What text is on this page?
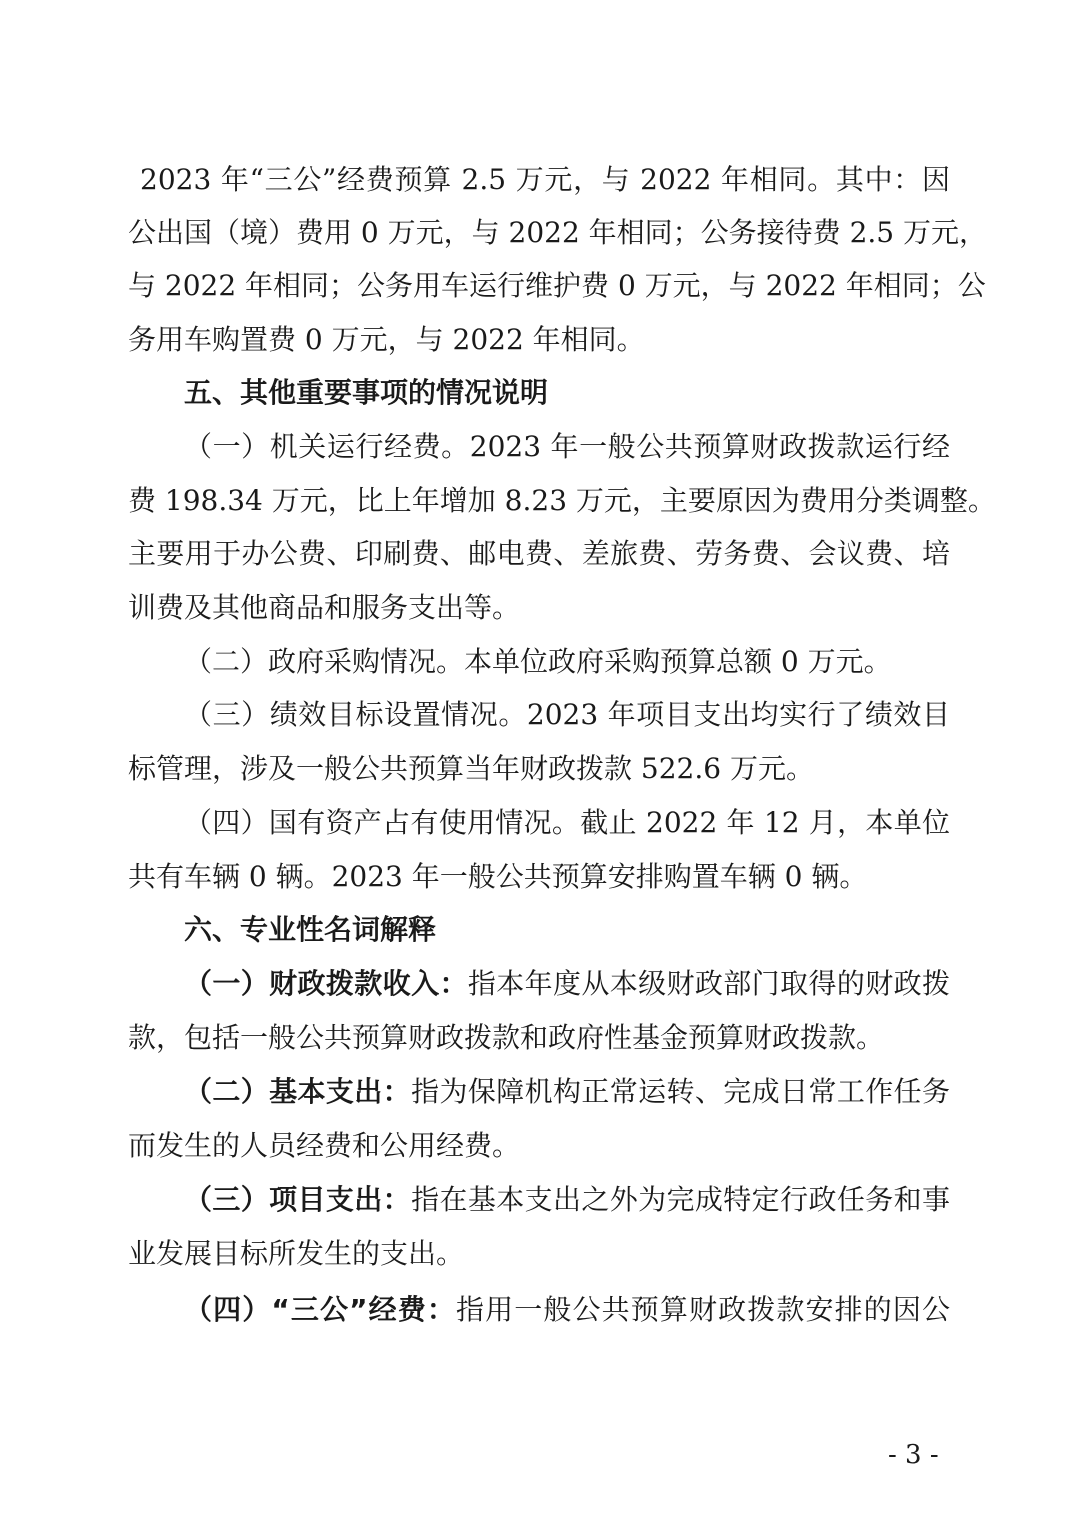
2023 年“三公”经费预算 2.5 万元，与 2022 年相同。其中：因
公出国（境）费用 0 万元，与 2022 年相同；公务接待费 2.5 万元，
与 2022 年相同；公务用车运行维护费 0 万元，与 2022 年相同；公
务用车购置费 0 万元，与 2022 年相同。
五、其他重要事项的情况说明
（一）机关运行经费。2023 年一般公共预算财政拨款运行经
费 198.34 万元，比上年增加 8.23 万元，主要原因为费用分类调整。
主要用于办公费、印刷费、邮电费、差旅费、劳务费、会议费、培
训费及其他商品和服务支出等。
（二）政府采购情况。本单位政府采购预算总额 0 万元。
（三）绩效目标设置情况。2023 年项目支出均实行了绩效目
标管理，涉及一般公共预算当年财政拨款 522.6 万元。
（四）国有资产占有使用情况。截止 2022 年 12 月，本单位
共有车辆 0 辆。2023 年一般公共预算安排购置车辆 0 辆。
六、专业性名词解释
（一）财政拨款收入：指本年度从本级财政部门取得的财政拨
款，包括一般公共预算财政拨款和政府性基金预算财政拨款。
（二）基本支出：指为保障机构正常运转、完成日常工作任务
而发生的人员经费和公用经费。
（三）项目支出：指在基本支出之外为完成特定行政任务和事
业发展目标所发生的支出。
（四）“三公”经费：指用一般公共预算财政拨款安排的因公
- 3 -
